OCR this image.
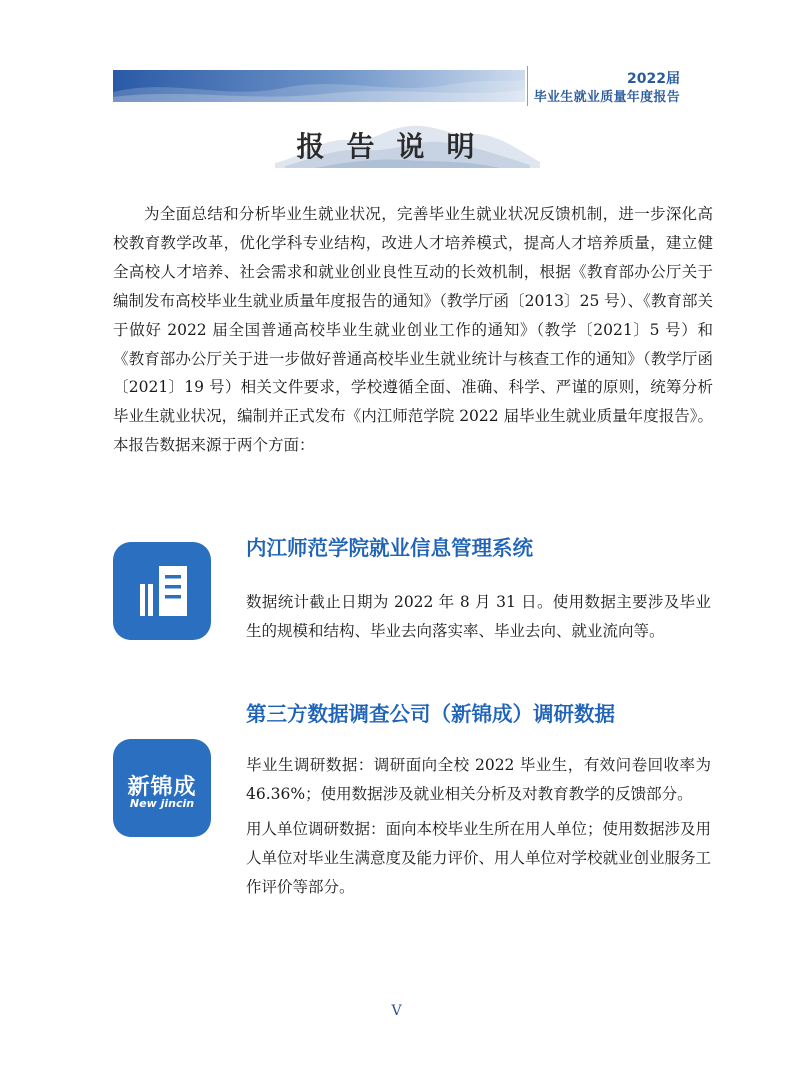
2022届
毕业生就业质量年度报告
报告说明
为全面总结和分析毕业生就业状况，完善毕业生就业状况反馈机制，进一步深化高校教育教学改革，优化学科专业结构，改进人才培养模式，提高人才培养质量，建立健全高校人才培养、社会需求和就业创业良性互动的长效机制，根据《教育部办公厅关于编制发布高校毕业生就业质量年度报告的通知》（教学厅函〔2013〕25 号）、《教育部关于做好 2022 届全国普通高校毕业生就业创业工作的通知》（教学〔2021〕5 号）和《教育部办公厅关于进一步做好普通高校毕业生就业统计与核查工作的通知》（教学厅函〔2021〕19 号）相关文件要求，学校遵循全面、准确、科学、严谨的原则，统筹分析毕业生就业状况，编制并正式发布《内江师范学院 2022 届毕业生就业质量年度报告》。本报告数据来源于两个方面：
内江师范学院就业信息管理系统
数据统计截止日期为 2022 年 8 月 31 日。使用数据主要涉及毕业生的规模和结构、毕业去向落实率、毕业去向、就业流向等。
第三方数据调查公司（新锦成）调研数据
新锦成
New jincin
毕业生调研数据：调研面向全校 2022 毕业生，有效问卷回收率为 46.36%；使用数据涉及就业相关分析及对教育教学的反馈部分。
用人单位调研数据：面向本校毕业生所在用人单位；使用数据涉及用人单位对毕业生满意度及能力评价、用人单位对学校就业创业服务工作评价等部分。
V
